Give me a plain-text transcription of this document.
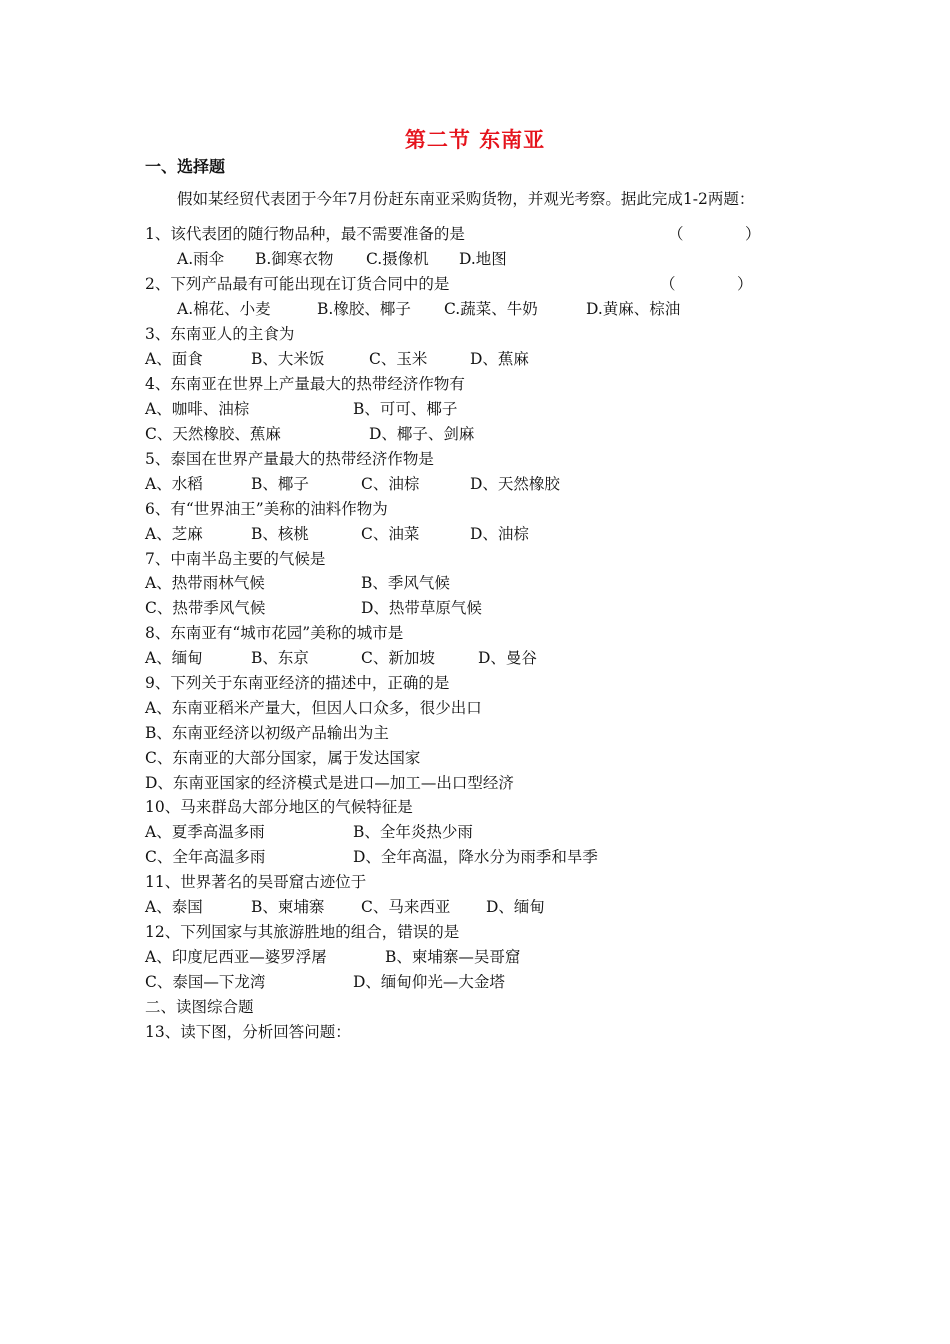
第二节 东南亚
一、选择题
假如某经贸代表团于今年7月份赶东南亚采购货物，并观光考察。据此完成1-2两题：
1、该代表团的随行物品种，最不需要准备的是	（	）
A.雨伞 B.御寒衣物 C.摄像机 D.地图
2、下列产品最有可能出现在订货合同中的是	（	）
A.棉花、小麦	B.橡胶、椰子 C.蔬菜、牛奶	D.黄麻、棕油
3、东南亚人的主食为
A、面食	B、大米饭	C、玉米	D、蕉麻
4、东南亚在世界上产量最大的热带经济作物有
A、咖啡、油棕	B、可可、椰子
C、天然橡胶、蕉麻	D、椰子、剑麻
5、泰国在世界产量最大的热带经济作物是
A、水稻	B、椰子	C、油棕	D、天然橡胶
6、有“世界油王”美称的油料作物为
A、芝麻	B、核桃	C、油菜	D、油棕
7、中南半岛主要的气候是
A、热带雨林气候	B、季风气候
C、热带季风气候	D、热带草原气候
8、东南亚有“城市花园”美称的城市是
A、缅甸	B、东京	C、新加坡	D、曼谷
9、下列关于东南亚经济的描述中，正确的是
A、东南亚稻米产量大，但因人口众多，很少出口
B、东南亚经济以初级产品输出为主
C、东南亚的大部分国家，属于发达国家
D、东南亚国家的经济模式是进口—加工—出口型经济
10、马来群岛大部分地区的气候特征是
A、夏季高温多雨	B、全年炎热少雨
C、全年高温多雨	D、全年高温，降水分为雨季和旱季
11、世界著名的吴哥窟古迹位于
A、泰国	B、柬埔寨 C、马来西亚 D、缅甸
12、下列国家与其旅游胜地的组合，错误的是
A、印度尼西亚—婆罗浮屠	B、柬埔寨—吴哥窟
C、泰国—下龙湾	D、缅甸仰光—大金塔
二、读图综合题
13、读下图，分析回答问题：
